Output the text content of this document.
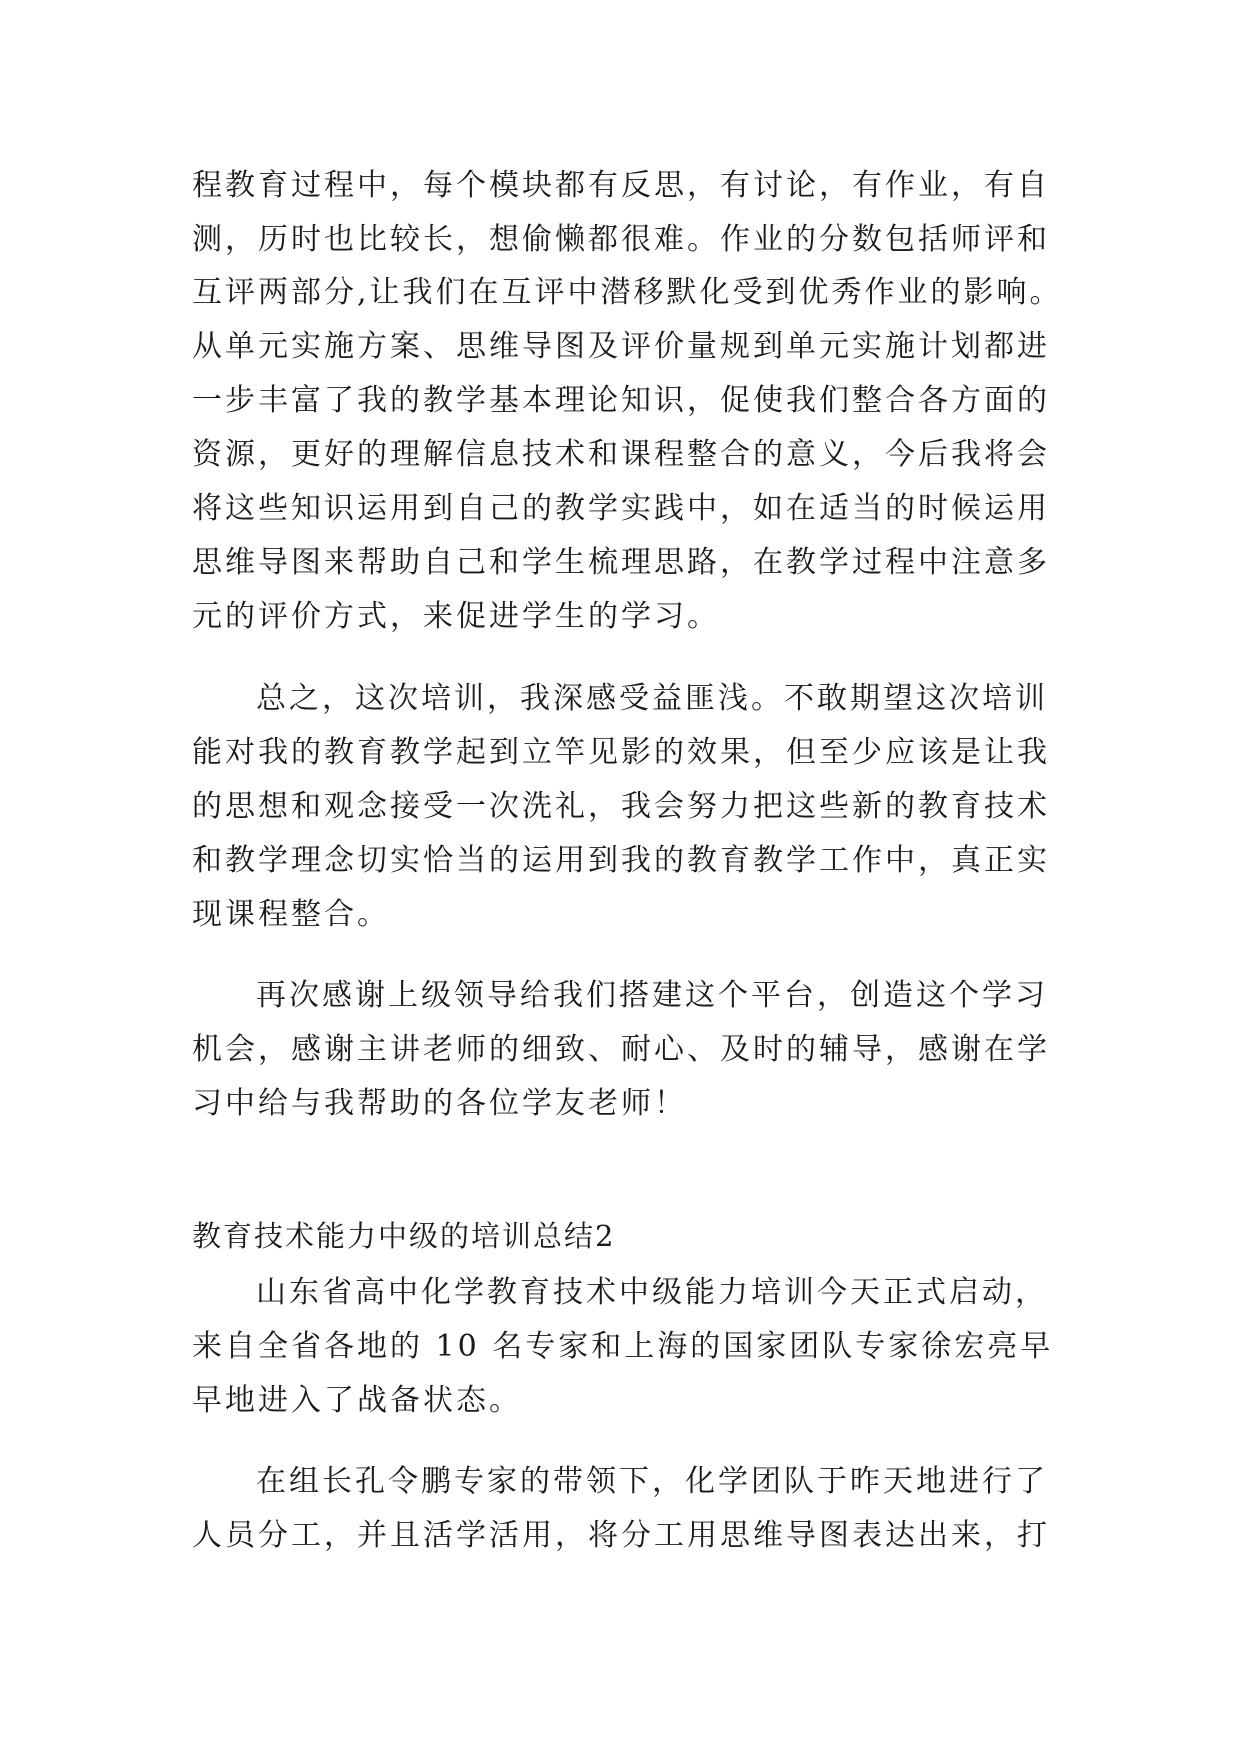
程教育过程中，每个模块都有反思，有讨论，有作业，有自
测，历时也比较长，想偷懒都很难。作业的分数包括师评和
互评两部分,让我们在互评中潜移默化受到优秀作业的影响。
从单元实施方案、思维导图及评价量规到单元实施计划都进
一步丰富了我的教学基本理论知识，促使我们整合各方面的
资源，更好的理解信息技术和课程整合的意义，今后我将会
将这些知识运用到自己的教学实践中，如在适当的时候运用
思维导图来帮助自己和学生梳理思路，在教学过程中注意多
元的评价方式，来促进学生的学习。
总之，这次培训，我深感受益匪浅。不敢期望这次培训
能对我的教育教学起到立竿见影的效果，但至少应该是让我
的思想和观念接受一次洗礼，我会努力把这些新的教育技术
和教学理念切实恰当的运用到我的教育教学工作中，真正实
现课程整合。
再次感谢上级领导给我们搭建这个平台，创造这个学习
机会，感谢主讲老师的细致、耐心、及时的辅导，感谢在学
习中给与我帮助的各位学友老师！
山东省高中化学教育技术中级能力培训今天正式启动，
来自全省各地的 10 名专家和上海的国家团队专家徐宏亮早
早地进入了战备状态。
在组长孔令鹏专家的带领下，化学团队于昨天地进行了
人员分工，并且活学活用，将分工用思维导图表达出来，打
教育技术能力中级的培训总结2
